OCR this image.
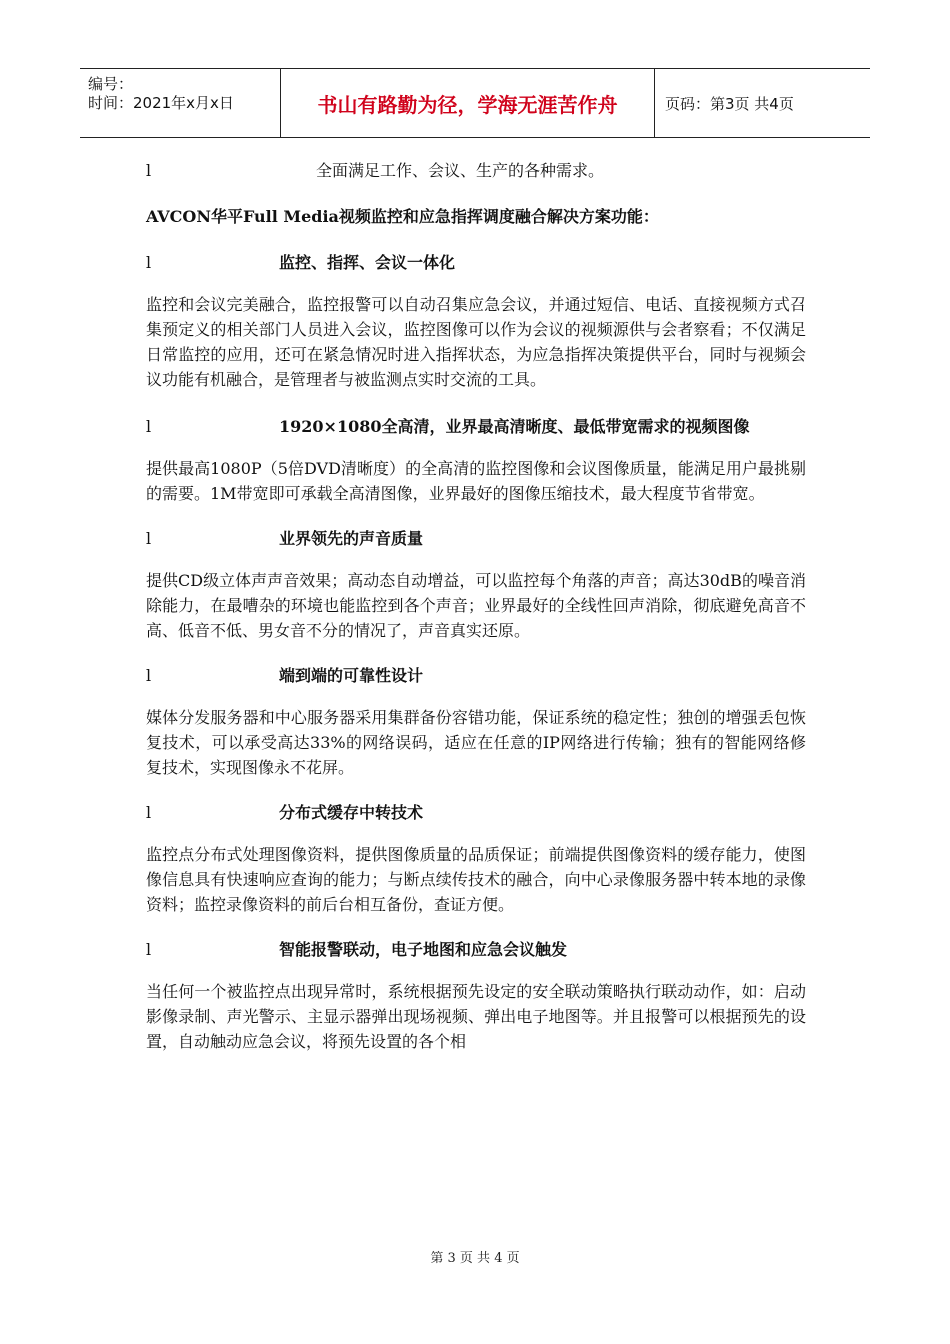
编号：
时间：2021年x月x日	书山有路勤为径，学海无涯苦作舟	页码：第3页 共4页
l	全面满足工作、会议、生产的各种需求。
AVCON华平Full Media视频监控和应急指挥调度融合解决方案功能：
l	监控、指挥、会议一体化
监控和会议完美融合，监控报警可以自动召集应急会议，并通过短信、电话、直接视频方式召集预定义的相关部门人员进入会议，监控图像可以作为会议的视频源供与会者察看；不仅满足日常监控的应用，还可在紧急情况时进入指挥状态，为应急指挥决策提供平台，同时与视频会议功能有机融合，是管理者与被监测点实时交流的工具。
l	1920×1080全高清，业界最高清晰度、最低带宽需求的视频图像
提供最高1080P（5倍DVD清晰度）的全高清的监控图像和会议图像质量，能满足用户最挑剔的需要。1M带宽即可承载全高清图像，业界最好的图像压缩技术，最大程度节省带宽。
l	业界领先的声音质量
提供CD级立体声声音效果；高动态自动增益，可以监控每个角落的声音；高达30dB的噪音消除能力，在最嘈杂的环境也能监控到各个声音；业界最好的全线性回声消除，彻底避免高音不高、低音不低、男女音不分的情况了，声音真实还原。
l	端到端的可靠性设计
媒体分发服务器和中心服务器采用集群备份容错功能，保证系统的稳定性；独创的增强丢包恢复技术，可以承受高达33%的网络误码，适应在任意的IP网络进行传输；独有的智能网络修复技术，实现图像永不花屏。
l	分布式缓存中转技术
监控点分布式处理图像资料，提供图像质量的品质保证；前端提供图像资料的缓存能力，使图像信息具有快速响应查询的能力；与断点续传技术的融合，向中心录像服务器中转本地的录像资料；监控录像资料的前后台相互备份，查证方便。
l	智能报警联动，电子地图和应急会议触发
当任何一个被监控点出现异常时，系统根据预先设定的安全联动策略执行联动动作，如：启动影像录制、声光警示、主显示器弹出现场视频、弹出电子地图等。并且报警可以根据预先的设置，自动触动应急会议，将预先设置的各个相
第 3 页 共 4 页
